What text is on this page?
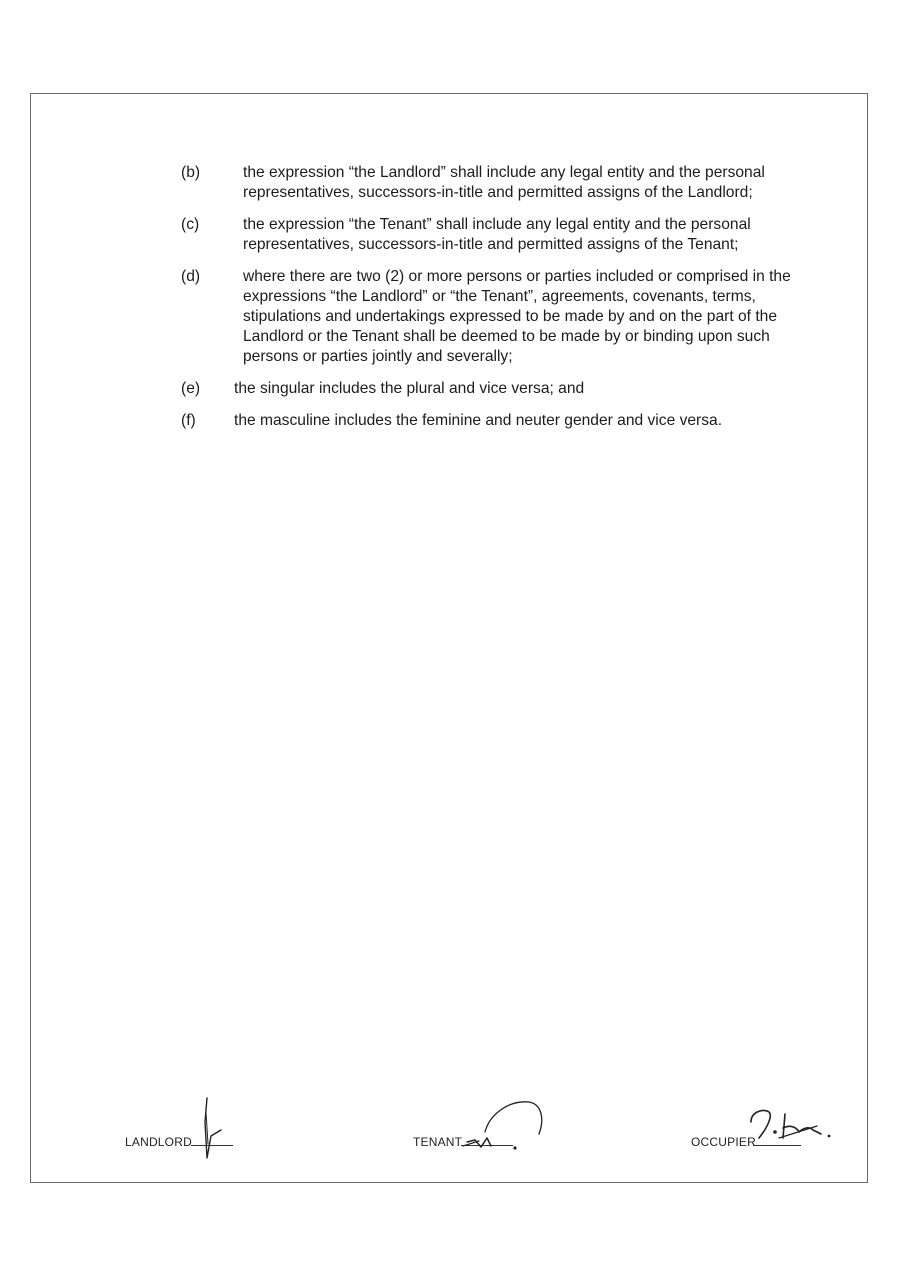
(b)	the expression “the Landlord” shall include any legal entity and the personal representatives, successors-in-title and permitted assigns of the Landlord;
(c)	the expression “the Tenant” shall include any legal entity and the personal representatives, successors-in-title and permitted assigns of the Tenant;
(d)	where there are two (2) or more persons or parties included or comprised in the expressions “the Landlord” or “the Tenant”, agreements, covenants, terms, stipulations and undertakings expressed to be made by and on the part of the Landlord or the Tenant shall be deemed to be made by or binding upon such persons or parties jointly and severally;
(e)	the singular includes the plural and vice versa; and
(f)	the masculine includes the feminine and neuter gender and vice versa.
LANDLORD	TENANT	OCCUPIER
